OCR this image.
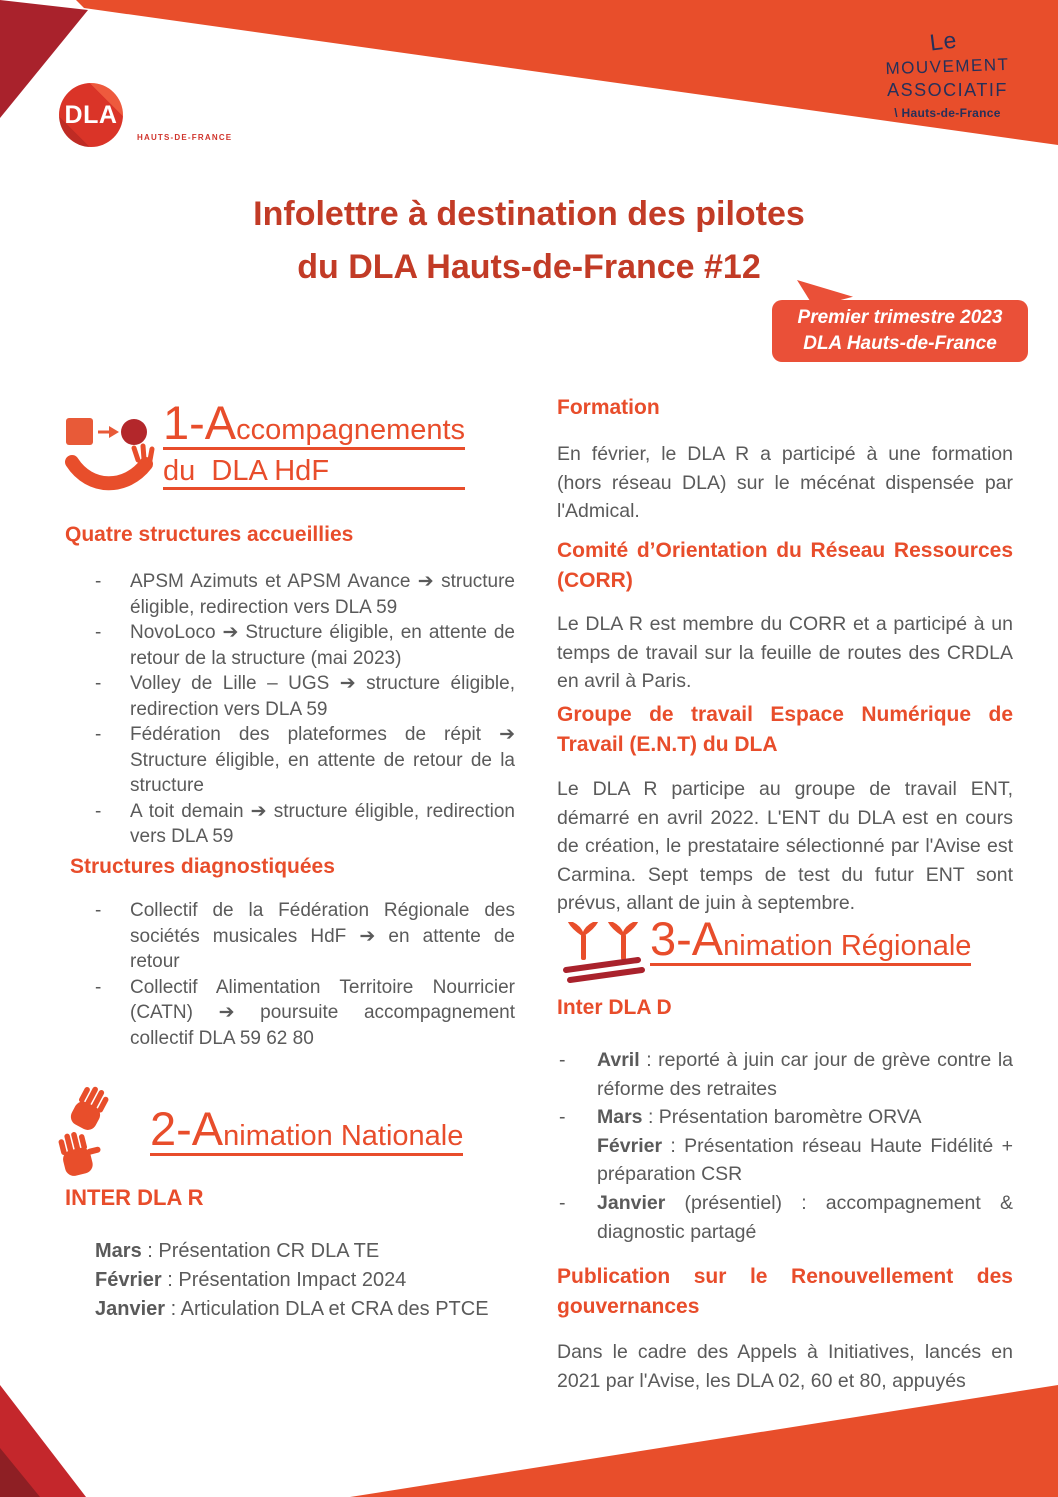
DLA
HAUTS-DE-FRANCE
Le
MOUVEMENT
ASSOCIATIF
\ Hauts-de-France
Infolettre à destination des pilotes
du DLA Hauts-de-France #12
Premier trimestre 2023
DLA Hauts-de-France
1-Accompagnements
du  DLA HdF
Quatre structures accueillies
-	APSM Azimuts et APSM Avance ➔ structure éligible, redirection vers DLA 59
-	NovoLoco ➔ Structure éligible, en attente de retour de la structure (mai 2023)
-	Volley de Lille – UGS ➔ structure éligible, redirection vers DLA 59
-	Fédération des plateformes de répit ➔ Structure éligible, en attente de retour de la structure
-	A toit demain ➔ structure éligible, redirection vers DLA 59
Structures diagnostiquées
-	Collectif de la Fédération Régionale des sociétés musicales HdF ➔ en attente de retour
-	Collectif Alimentation Territoire Nourricier (CATN) ➔ poursuite accompagnement collectif DLA 59 62 80
2-Animation Nationale
INTER DLA R
Mars : Présentation CR DLA TE
Février : Présentation Impact 2024
Janvier : Articulation DLA et CRA des PTCE
Formation
En février, le DLA R a participé à une formation (hors réseau DLA) sur le mécénat dispensée par l'Admical.
Comité d’Orientation du Réseau Ressources (CORR)
Le DLA R est membre du CORR et a participé à un temps de travail sur la feuille de routes des CRDLA en avril à Paris.
Groupe de travail Espace Numérique de Travail (E.N.T) du DLA
Le DLA R participe au groupe de travail ENT, démarré en avril 2022. L'ENT du DLA est en cours de création, le prestataire sélectionné par l'Avise est Carmina. Sept temps de test du futur ENT sont prévus, allant de juin à septembre.
3-Animation Régionale
Inter DLA D
-	Avril : reporté à juin car jour de grève contre la réforme des retraites
-	Mars : Présentation baromètre ORVA
Février : Présentation réseau Haute Fidélité + préparation CSR
-	Janvier (présentiel) : accompagnement & diagnostic partagé
Publication sur le Renouvellement des gouvernances
Dans le cadre des Appels à Initiatives, lancés en 2021 par l'Avise, les DLA 02, 60 et 80, appuyés
